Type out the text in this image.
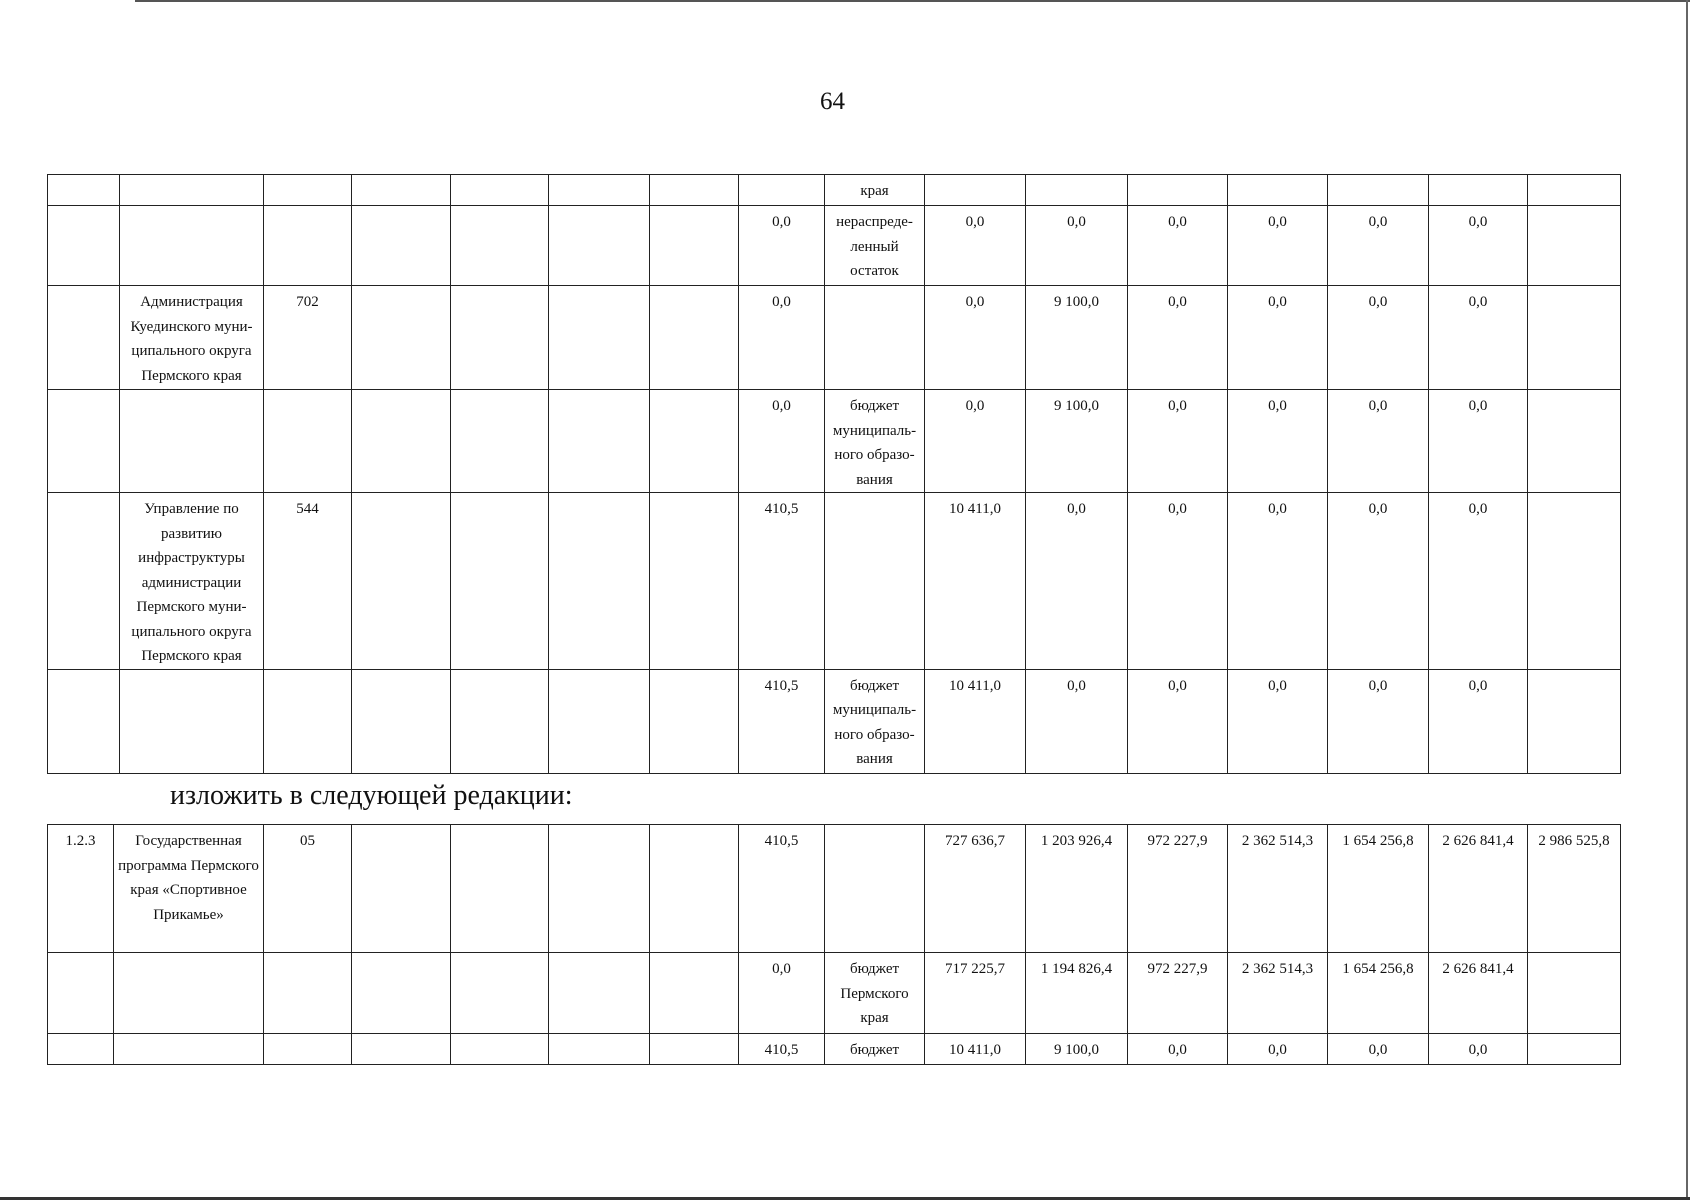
64
								края							
							0,0	нераспреде-ленный остаток	0,0	0,0	0,0	0,0	0,0	0,0	
	Администрация Куединского муни-ципального округа Пермского края	702					0,0		0,0	9 100,0	0,0	0,0	0,0	0,0	
							0,0	бюджет муниципаль-ного образо-вания	0,0	9 100,0	0,0	0,0	0,0	0,0	
	Управление по развитию инфраструктуры администрации Пермского муни-ципального округа Пермского края	544					410,5		10 411,0	0,0	0,0	0,0	0,0	0,0	
							410,5	бюджет муниципаль-ного образо-вания	10 411,0	0,0	0,0	0,0	0,0	0,0	
изложить в следующей редакции:
1.2.3	Государственная программа Пермского края «Спортивное Прикамье»	05					410,5		727 636,7	1 203 926,4	972 227,9	2 362 514,3	1 654 256,8	2 626 841,4	2 986 525,8
							0,0	бюджет Пермского края	717 225,7	1 194 826,4	972 227,9	2 362 514,3	1 654 256,8	2 626 841,4	
							410,5	бюджет	10 411,0	9 100,0	0,0	0,0	0,0	0,0	
